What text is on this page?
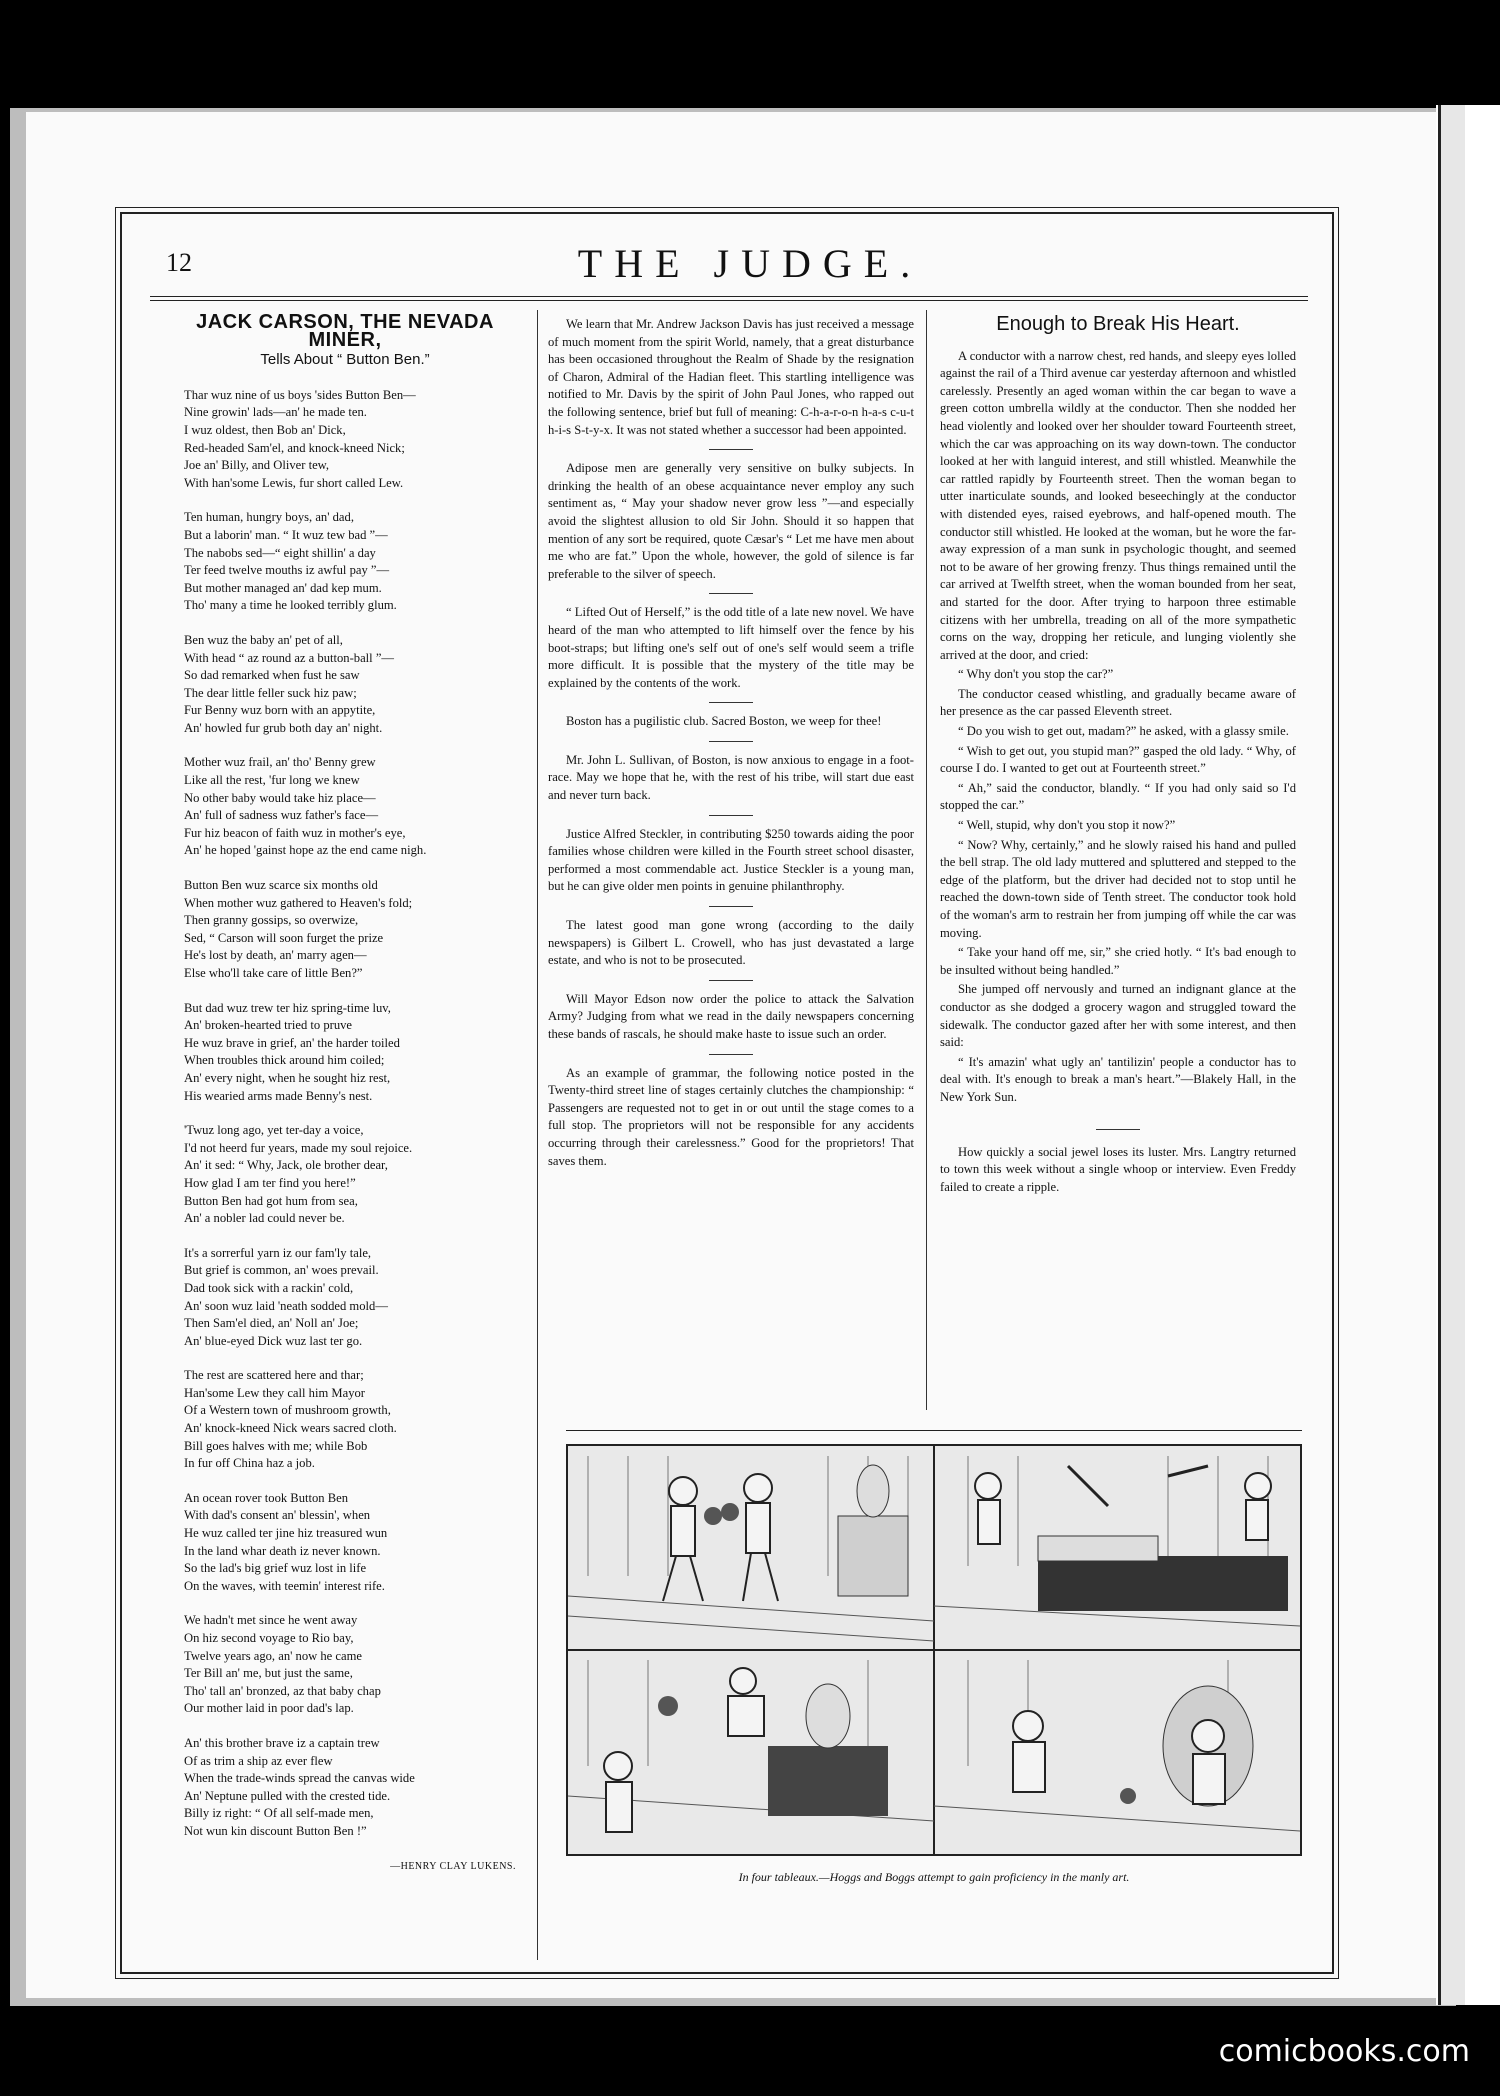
12	THE JUDGE.
JACK CARSON, THE NEVADA MINER,
Tells About “ Button Ben.”
Thar wuz nine of us boys 'sides Button Ben—
Nine growin' lads—an' he made ten.
I wuz oldest, then Bob an' Dick,
Red-headed Sam'el, and knock-kneed Nick;
Joe an' Billy, and Oliver tew,
With han'some Lewis, fur short called Lew.
Ten human, hungry boys, an' dad,
But a laborin' man. “ It wuz tew bad ”—
The nabobs sed—“ eight shillin' a day
Ter feed twelve mouths iz awful pay ”—
But mother managed an' dad kep mum.
Tho' many a time he looked terribly glum.
Ben wuz the baby an' pet of all,
With head “ az round az a button-ball ”—
So dad remarked when fust he saw
The dear little feller suck hiz paw;
Fur Benny wuz born with an appytite,
An' howled fur grub both day an' night.
Mother wuz frail, an' tho' Benny grew
Like all the rest, 'fur long we knew
No other baby would take hiz place—
An' full of sadness wuz father's face—
Fur hiz beacon of faith wuz in mother's eye,
An' he hoped 'gainst hope az the end came nigh.
Button Ben wuz scarce six months old
When mother wuz gathered to Heaven's fold;
Then granny gossips, so overwize,
Sed, “ Carson will soon furget the prize
He's lost by death, an' marry agen—
Else who'll take care of little Ben?”
But dad wuz trew ter hiz spring-time luv,
An' broken-hearted tried to pruve
He wuz brave in grief, an' the harder toiled
When troubles thick around him coiled;
An' every night, when he sought hiz rest,
His wearied arms made Benny's nest.
'Twuz long ago, yet ter-day a voice,
I'd not heerd fur years, made my soul rejoice.
An' it sed: “ Why, Jack, ole brother dear,
How glad I am ter find you here!”
Button Ben had got hum from sea,
An' a nobler lad could never be.
It's a sorrerful yarn iz our fam'ly tale,
But grief is common, an' woes prevail.
Dad took sick with a rackin' cold,
An' soon wuz laid 'neath sodded mold—
Then Sam'el died, an' Noll an' Joe;
An' blue-eyed Dick wuz last ter go.
The rest are scattered here and thar;
Han'some Lew they call him Mayor
Of a Western town of mushroom growth,
An' knock-kneed Nick wears sacred cloth.
Bill goes halves with me; while Bob
In fur off China haz a job.
An ocean rover took Button Ben
With dad's consent an' blessin', when
He wuz called ter jine hiz treasured wun
In the land whar death iz never known.
So the lad's big grief wuz lost in life
On the waves, with teemin' interest rife.
We hadn't met since he went away
On hiz second voyage to Rio bay,
Twelve years ago, an' now he came
Ter Bill an' me, but just the same,
Tho' tall an' bronzed, az that baby chap
Our mother laid in poor dad's lap.
An' this brother brave iz a captain trew
Of as trim a ship az ever flew
When the trade-winds spread the canvas wide
An' Neptune pulled with the crested tide.
Billy iz right: “ Of all self-made men,
Not wun kin discount Button Ben !”
—HENRY CLAY LUKENS.

We learn that Mr. Andrew Jackson Davis has just received a message of much moment from the spirit World, namely, that a great disturbance has been occasioned throughout the Realm of Shade by the resignation of Charon, Admiral of the Hadian fleet. This startling intelligence was notified to Mr. Davis by the spirit of John Paul Jones, who rapped out the following sentence, brief but full of meaning: C-h-a-r-o-n h-a-s c-u-t h-i-s S-t-y-x. It was not stated whether a successor had been appointed.

Adipose men are generally very sensitive on bulky subjects. In drinking the health of an obese acquaintance never employ any such sentiment as, “ May your shadow never grow less ”—and especially avoid the slightest allusion to old Sir John. Should it so happen that mention of any sort be required, quote Cæsar's “ Let me have men about me who are fat.” Upon the whole, however, the gold of silence is far preferable to the silver of speech.

“ Lifted Out of Herself,” is the odd title of a late new novel. We have heard of the man who attempted to lift himself over the fence by his boot-straps; but lifting one's self out of one's self would seem a trifle more difficult. It is possible that the mystery of the title may be explained by the contents of the work.

Boston has a pugilistic club. Sacred Boston, we weep for thee!

Mr. John L. Sullivan, of Boston, is now anxious to engage in a foot-race. May we hope that he, with the rest of his tribe, will start due east and never turn back.

Justice Alfred Steckler, in contributing $250 towards aiding the poor families whose children were killed in the Fourth street school disaster, performed a most commendable act. Justice Steckler is a young man, but he can give older men points in genuine philanthrophy.

The latest good man gone wrong (according to the daily newspapers) is Gilbert L. Crowell, who has just devastated a large estate, and who is not to be prosecuted.

Will Mayor Edson now order the police to attack the Salvation Army? Judging from what we read in the daily newspapers concerning these bands of rascals, he should make haste to issue such an order.

As an example of grammar, the following notice posted in the Twenty-third street line of stages certainly clutches the championship: “ Passengers are requested not to get in or out until the stage comes to a full stop. The proprietors will not be responsible for any accidents occurring through their carelessness.” Good for the proprietors! That saves them.

Enough to Break His Heart.

A conductor with a narrow chest, red hands, and sleepy eyes lolled against the rail of a Third avenue car yesterday afternoon and whistled carelessly. Presently an aged woman within the car began to wave a green cotton umbrella wildly at the conductor. Then she nodded her head violently and looked over her shoulder toward Fourteenth street, which the car was approaching on its way down-town. The conductor looked at her with languid interest, and still whistled. Meanwhile the car rattled rapidly by Fourteenth street. Then the woman began to utter inarticulate sounds, and looked beseechingly at the conductor with distended eyes, raised eyebrows, and half-opened mouth. The conductor still whistled. He looked at the woman, but he wore the far-away expression of a man sunk in psychologic thought, and seemed not to be aware of her growing frenzy. Thus things remained until the car arrived at Twelfth street, when the woman bounded from her seat, and started for the door. After trying to harpoon three estimable citizens with her umbrella, treading on all of the more sympathetic corns on the way, dropping her reticule, and lunging violently she arrived at the door, and cried:

“ Why don't you stop the car?”

The conductor ceased whistling, and gradually became aware of her presence as the car passed Eleventh street.

“ Do you wish to get out, madam?” he asked, with a glassy smile.

“ Wish to get out, you stupid man?” gasped the old lady. “ Why, of course I do. I wanted to get out at Fourteenth street.”

“ Ah,” said the conductor, blandly. “ If you had only said so I'd stopped the car.”

“ Well, stupid, why don't you stop it now?”

“ Now? Why, certainly,” and he slowly raised his hand and pulled the bell strap. The old lady muttered and spluttered and stepped to the edge of the platform, but the driver had decided not to stop until he reached the down-town side of Tenth street. The conductor took hold of the woman's arm to restrain her from jumping off while the car was moving.

“ Take your hand off me, sir,” she cried hotly. “ It's bad enough to be insulted without being handled.”

She jumped off nervously and turned an indignant glance at the conductor as she dodged a grocery wagon and struggled toward the sidewalk. The conductor gazed after her with some interest, and then said:

“ It's amazin' what ugly an' tantilizin' people a conductor has to deal with. It's enough to break a man's heart.”—Blakely Hall, in the New York Sun.

How quickly a social jewel loses its luster. Mrs. Langtry returned to town this week without a single whoop or interview. Even Freddy failed to create a ripple.

In four tableaux.—Hoggs and Boggs attempt to gain proficiency in the manly art.
comicbooks.com
